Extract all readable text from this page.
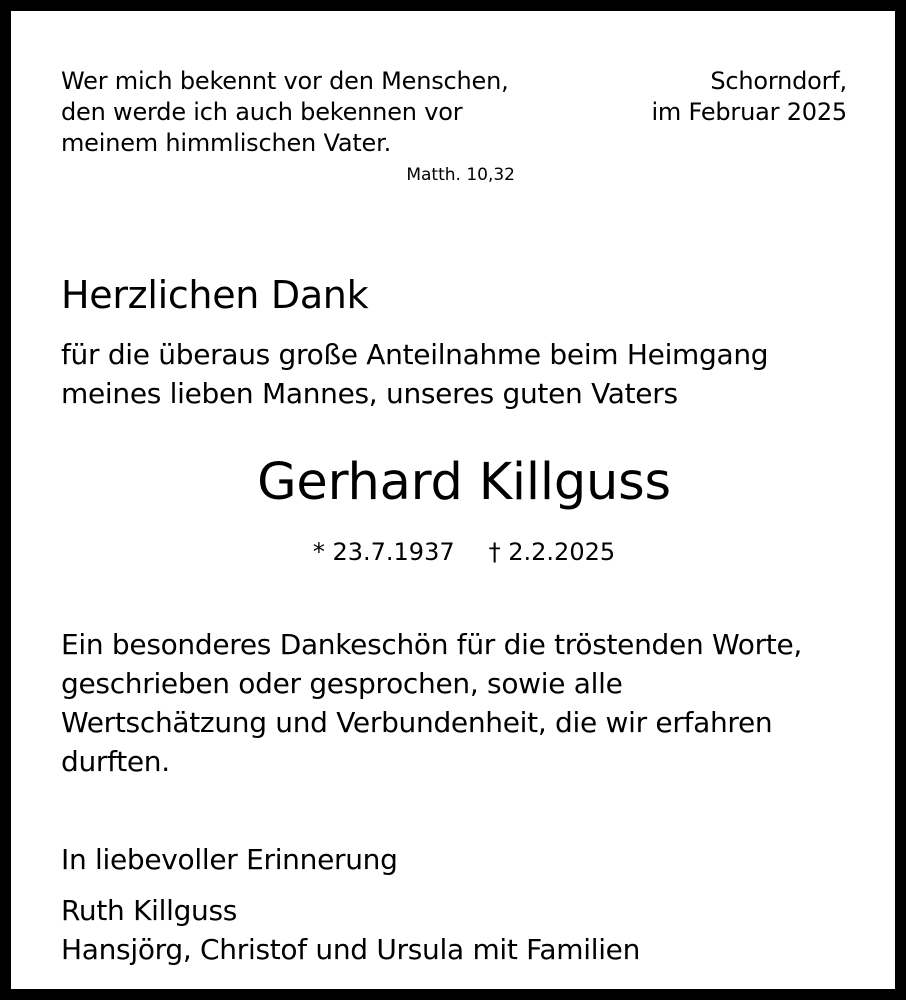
Wer mich bekennt vor den Menschen,
den werde ich auch bekennen vor
meinem himmlischen Vater.
Matth. 10,32
Schorndorf,
im Februar 2025
Herzlichen Dank
für die überaus große Anteilnahme beim Heimgang
meines lieben Mannes, unseres guten Vaters
Gerhard Killguss
* 23.7.1937 † 2.2.2025
Ein besonderes Dankeschön für die tröstenden Worte,
geschrieben oder gesprochen, sowie alle
Wertschätzung und Verbundenheit, die wir erfahren
durften.
In liebevoller Erinnerung
Ruth Killguss
Hansjörg, Christof und Ursula mit Familien
